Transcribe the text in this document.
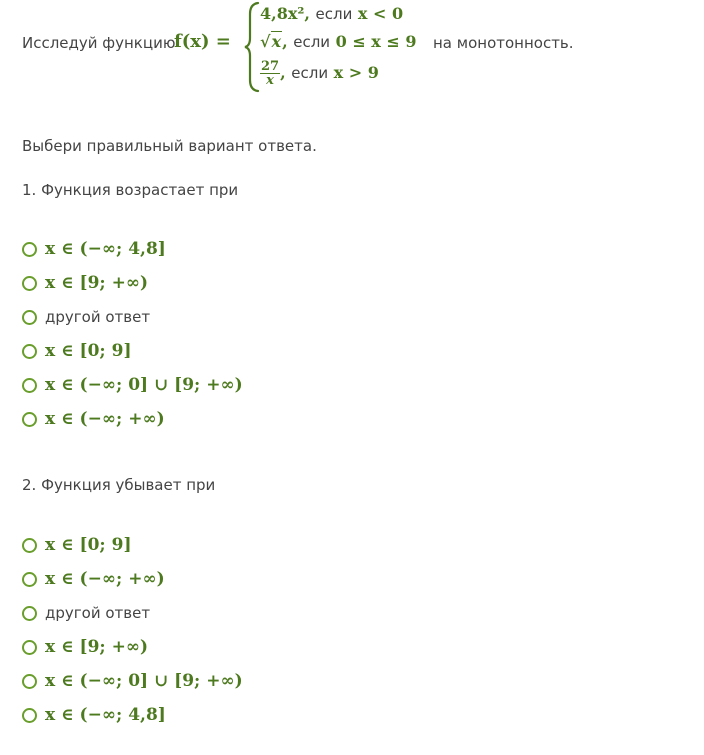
Исследуй функцию
f(x) =
4,8x², если x < 0
√x, если 0 ≤ x ≤ 9
$\frac{27}{x}$ , если x > 9
на монотонность.
Выбери правильный вариант ответа.
1. Функция возрастает при
x ∈ (−∞; 4,8]
x ∈ [9; +∞)
другой ответ
x ∈ [0; 9]
x ∈ (−∞; 0] ∪ [9; +∞)
x ∈ (−∞; +∞)
2. Функция убывает при
x ∈ [0; 9]
x ∈ (−∞; +∞)
другой ответ
x ∈ [9; +∞)
x ∈ (−∞; 0] ∪ [9; +∞)
x ∈ (−∞; 4,8]
